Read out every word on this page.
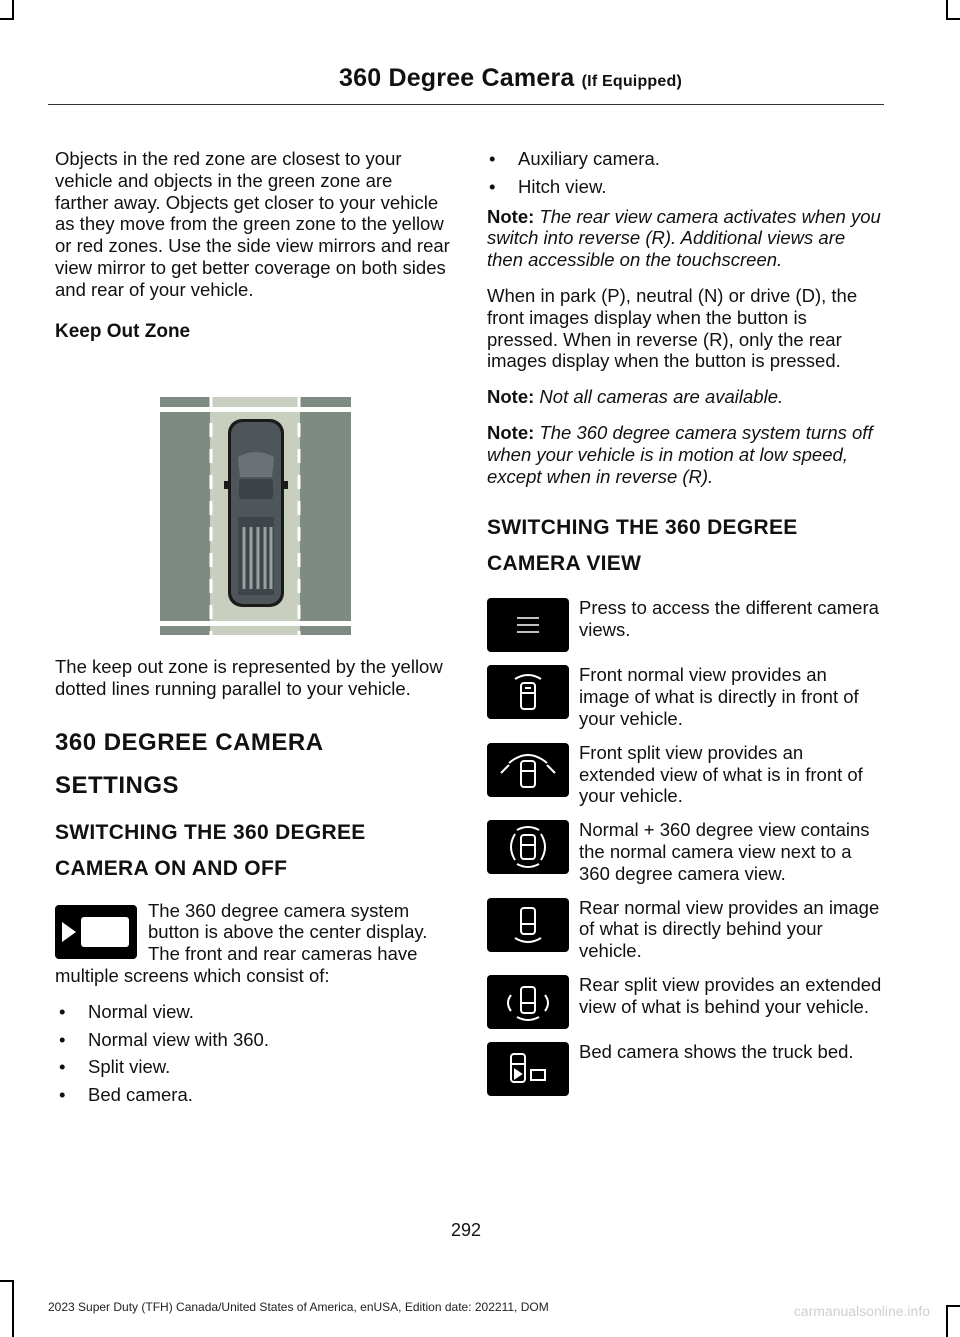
360 Degree Camera (If Equipped)

Objects in the red zone are closest to your vehicle and objects in the green zone are farther away. Objects get closer to your vehicle as they move from the green zone to the yellow or red zones. Use the side view mirrors and rear view mirror to get better coverage on both sides and rear of your vehicle.

Keep Out Zone

The keep out zone is represented by the yellow dotted lines running parallel to your vehicle.

360 DEGREE CAMERA

SETTINGS

SWITCHING THE 360 DEGREE

CAMERA ON AND OFF

The 360 degree camera system button is above the center display. The front and rear cameras have multiple screens which consist of:
• Normal view.
• Normal view with 360.
• Split view.
• Bed camera.
• Auxiliary camera.
• Hitch view.

Note: The rear view camera activates when you switch into reverse (R). Additional views are then accessible on the touchscreen.

When in park (P), neutral (N) or drive (D), the front images display when the button is pressed. When in reverse (R), only the rear images display when the button is pressed.

Note: Not all cameras are available.

Note: The 360 degree camera system turns off when your vehicle is in motion at low speed, except when in reverse (R).

SWITCHING THE 360 DEGREE

CAMERA VIEW

Press to access the different camera views.
Front normal view provides an image of what is directly in front of your vehicle.
Front split view provides an extended view of what is in front of your vehicle.
Normal + 360 degree view contains the normal camera view next to a 360 degree camera view.
Rear normal view provides an image of what is directly behind your vehicle.
Rear split view provides an extended view of what is behind your vehicle.
Bed camera shows the truck bed.
292
2023 Super Duty (TFH) Canada/United States of America, enUSA, Edition date: 202211, DOM	carmanualsonline.info
